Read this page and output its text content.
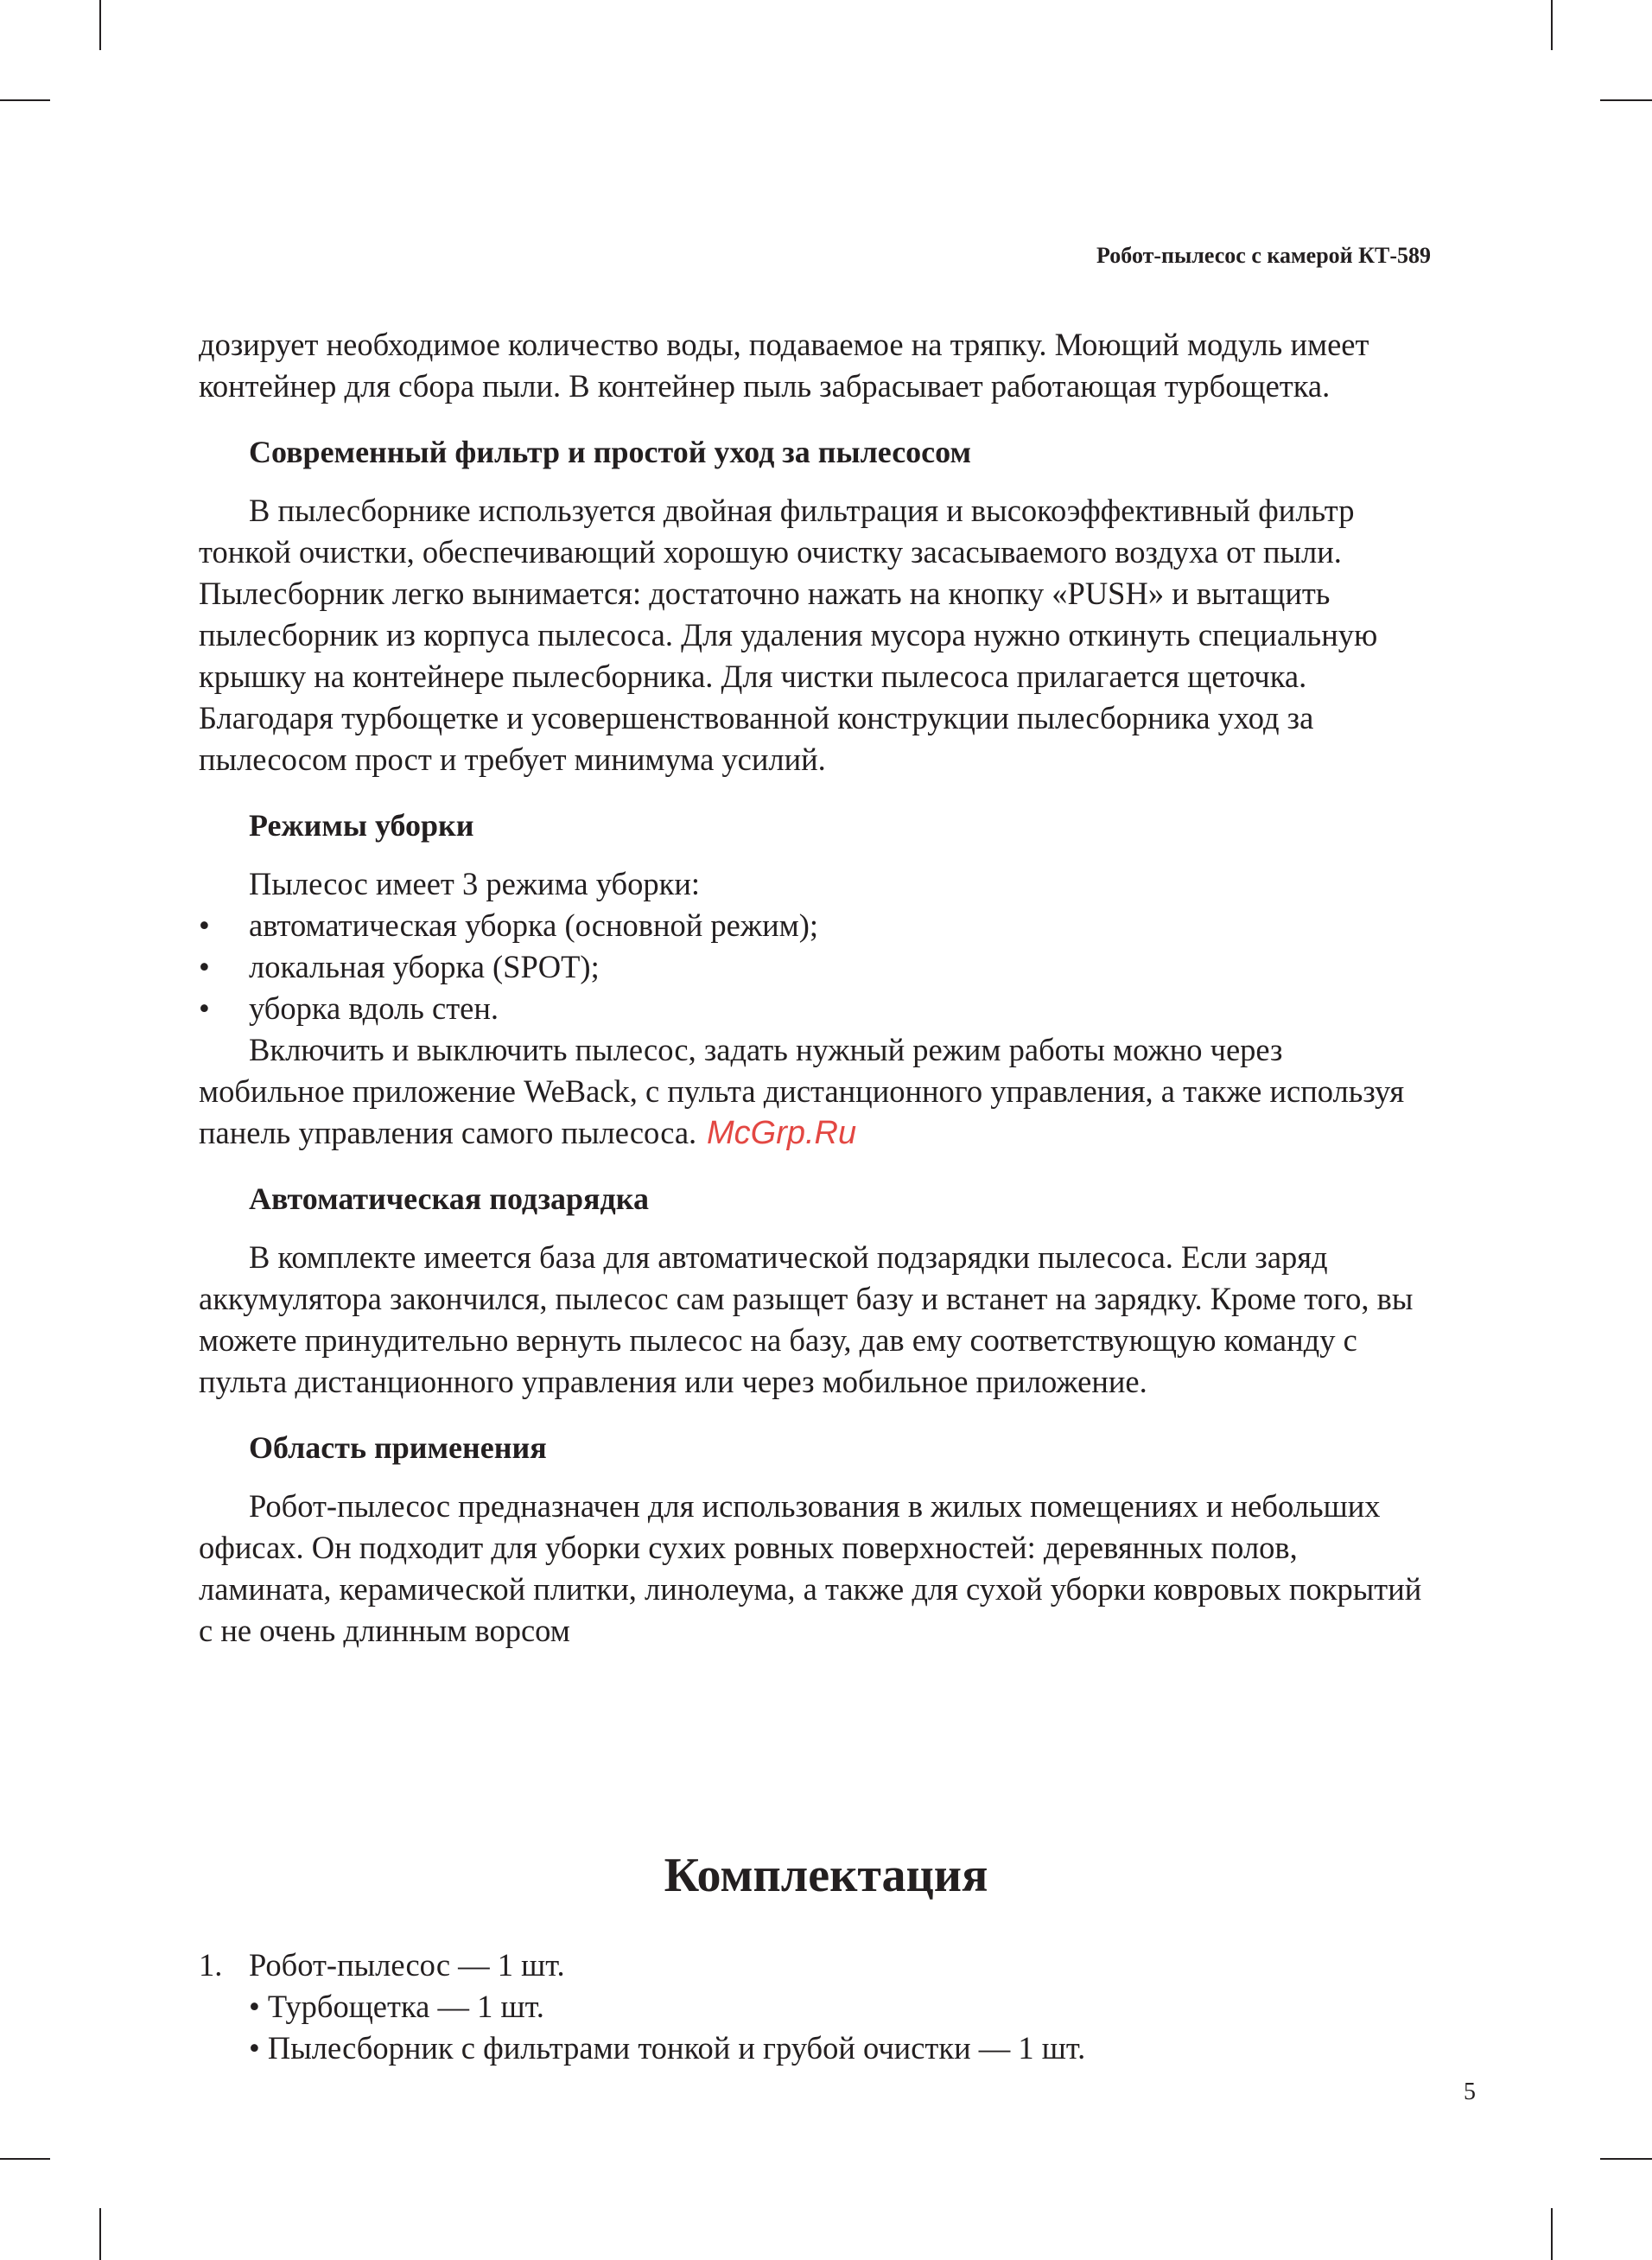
Робот-пылесос с камерой КТ-589

дозирует необходимое количество воды, подаваемое на тряпку. Моющий модуль имеет контейнер для сбора пыли. В контейнер пыль забрасывает работающая турбощетка.

Современный фильтр и простой уход за пылесосом

В пылесборнике используется двойная фильтрация и высокоэффективный фильтр тонкой очистки, обеспечивающий хорошую очистку засасываемого воздуха от пыли. Пылесборник легко вынимается: достаточно нажать на кнопку «PUSH» и вытащить пылесборник из корпуса пылесоса. Для удаления мусора нужно откинуть специальную крышку на контейнере пылесборника. Для чистки пылесоса прилагается щеточка. Благодаря турбощетке и усовершенствованной конструкции пылесборника уход за пылесосом прост и требует минимума усилий.

Режимы уборки

Пылесос имеет 3 режима уборки:

• автоматическая уборка (основной режим);
• локальная уборка (SPOT);
• уборка вдоль стен.

Включить и выключить пылесос, задать нужный режим работы можно через мобильное приложение WeBack, с пульта дистанционного управления, а также используя панель управления самого пылесоса.

Автоматическая подзарядка

В комплекте имеется база для автоматической подзарядки пылесоса. Если заряд аккумулятора закончился, пылесос сам разыщет базу и встанет на зарядку. Кроме того, вы можете принудительно вернуть пылесос на базу, дав ему соответствующую команду с пульта дистанционного управления или через мобильное приложение.

Область применения

Робот-пылесос предназначен для использования в жилых помещениях и небольших офисах. Он подходит для уборки сухих ровных поверхностей: деревянных полов, ламината, керамической плитки, линолеума, а также для сухой уборки ковровых покрытий с не очень длинным ворсом

McGrp.Ru
Комплектация
1. Робот-пылесос — 1 шт.
• Турбощетка — 1 шт.
• Пылесборник с фильтрами тонкой и грубой очистки — 1 шт.
5
